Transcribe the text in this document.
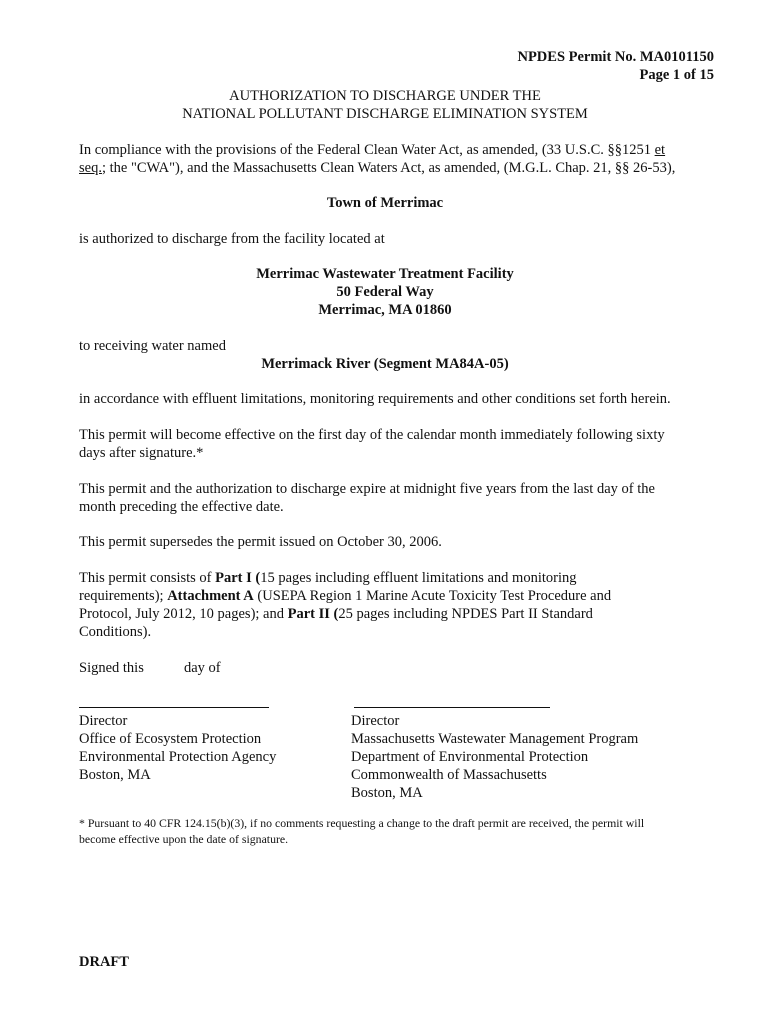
NPDES Permit No. MA0101150
Page 1 of 15
AUTHORIZATION TO DISCHARGE UNDER THE
NATIONAL POLLUTANT DISCHARGE ELIMINATION SYSTEM
In compliance with the provisions of the Federal Clean Water Act, as amended, (33 U.S.C. §§1251 et
seq.; the "CWA"), and the Massachusetts Clean Waters Act, as amended, (M.G.L. Chap. 21, §§ 26-53),
Town of Merrimac
is authorized to discharge from the facility located at
Merrimac Wastewater Treatment Facility
50 Federal Way
Merrimac, MA 01860
to receiving water named
Merrimack River (Segment MA84A-05)
in accordance with effluent limitations, monitoring requirements and other conditions set forth herein.
This permit will become effective on the first day of the calendar month immediately following sixty
days after signature.*
This permit and the authorization to discharge expire at midnight five years from the last day of the
month preceding the effective date.
This permit supersedes the permit issued on October 30, 2006.
This permit consists of Part I (15 pages including effluent limitations and monitoring
requirements); Attachment A (USEPA Region 1 Marine Acute Toxicity Test Procedure and
Protocol, July 2012, 10 pages); and Part II (25 pages including NPDES Part II Standard
Conditions).
Signed this	day of
Director
Office of Ecosystem Protection
Environmental Protection Agency
Boston, MA
Director
Massachusetts Wastewater Management Program
Department of Environmental Protection
Commonwealth of Massachusetts
Boston, MA
* Pursuant to 40 CFR 124.15(b)(3), if no comments requesting a change to the draft permit are received, the permit will
become effective upon the date of signature.
DRAFT
